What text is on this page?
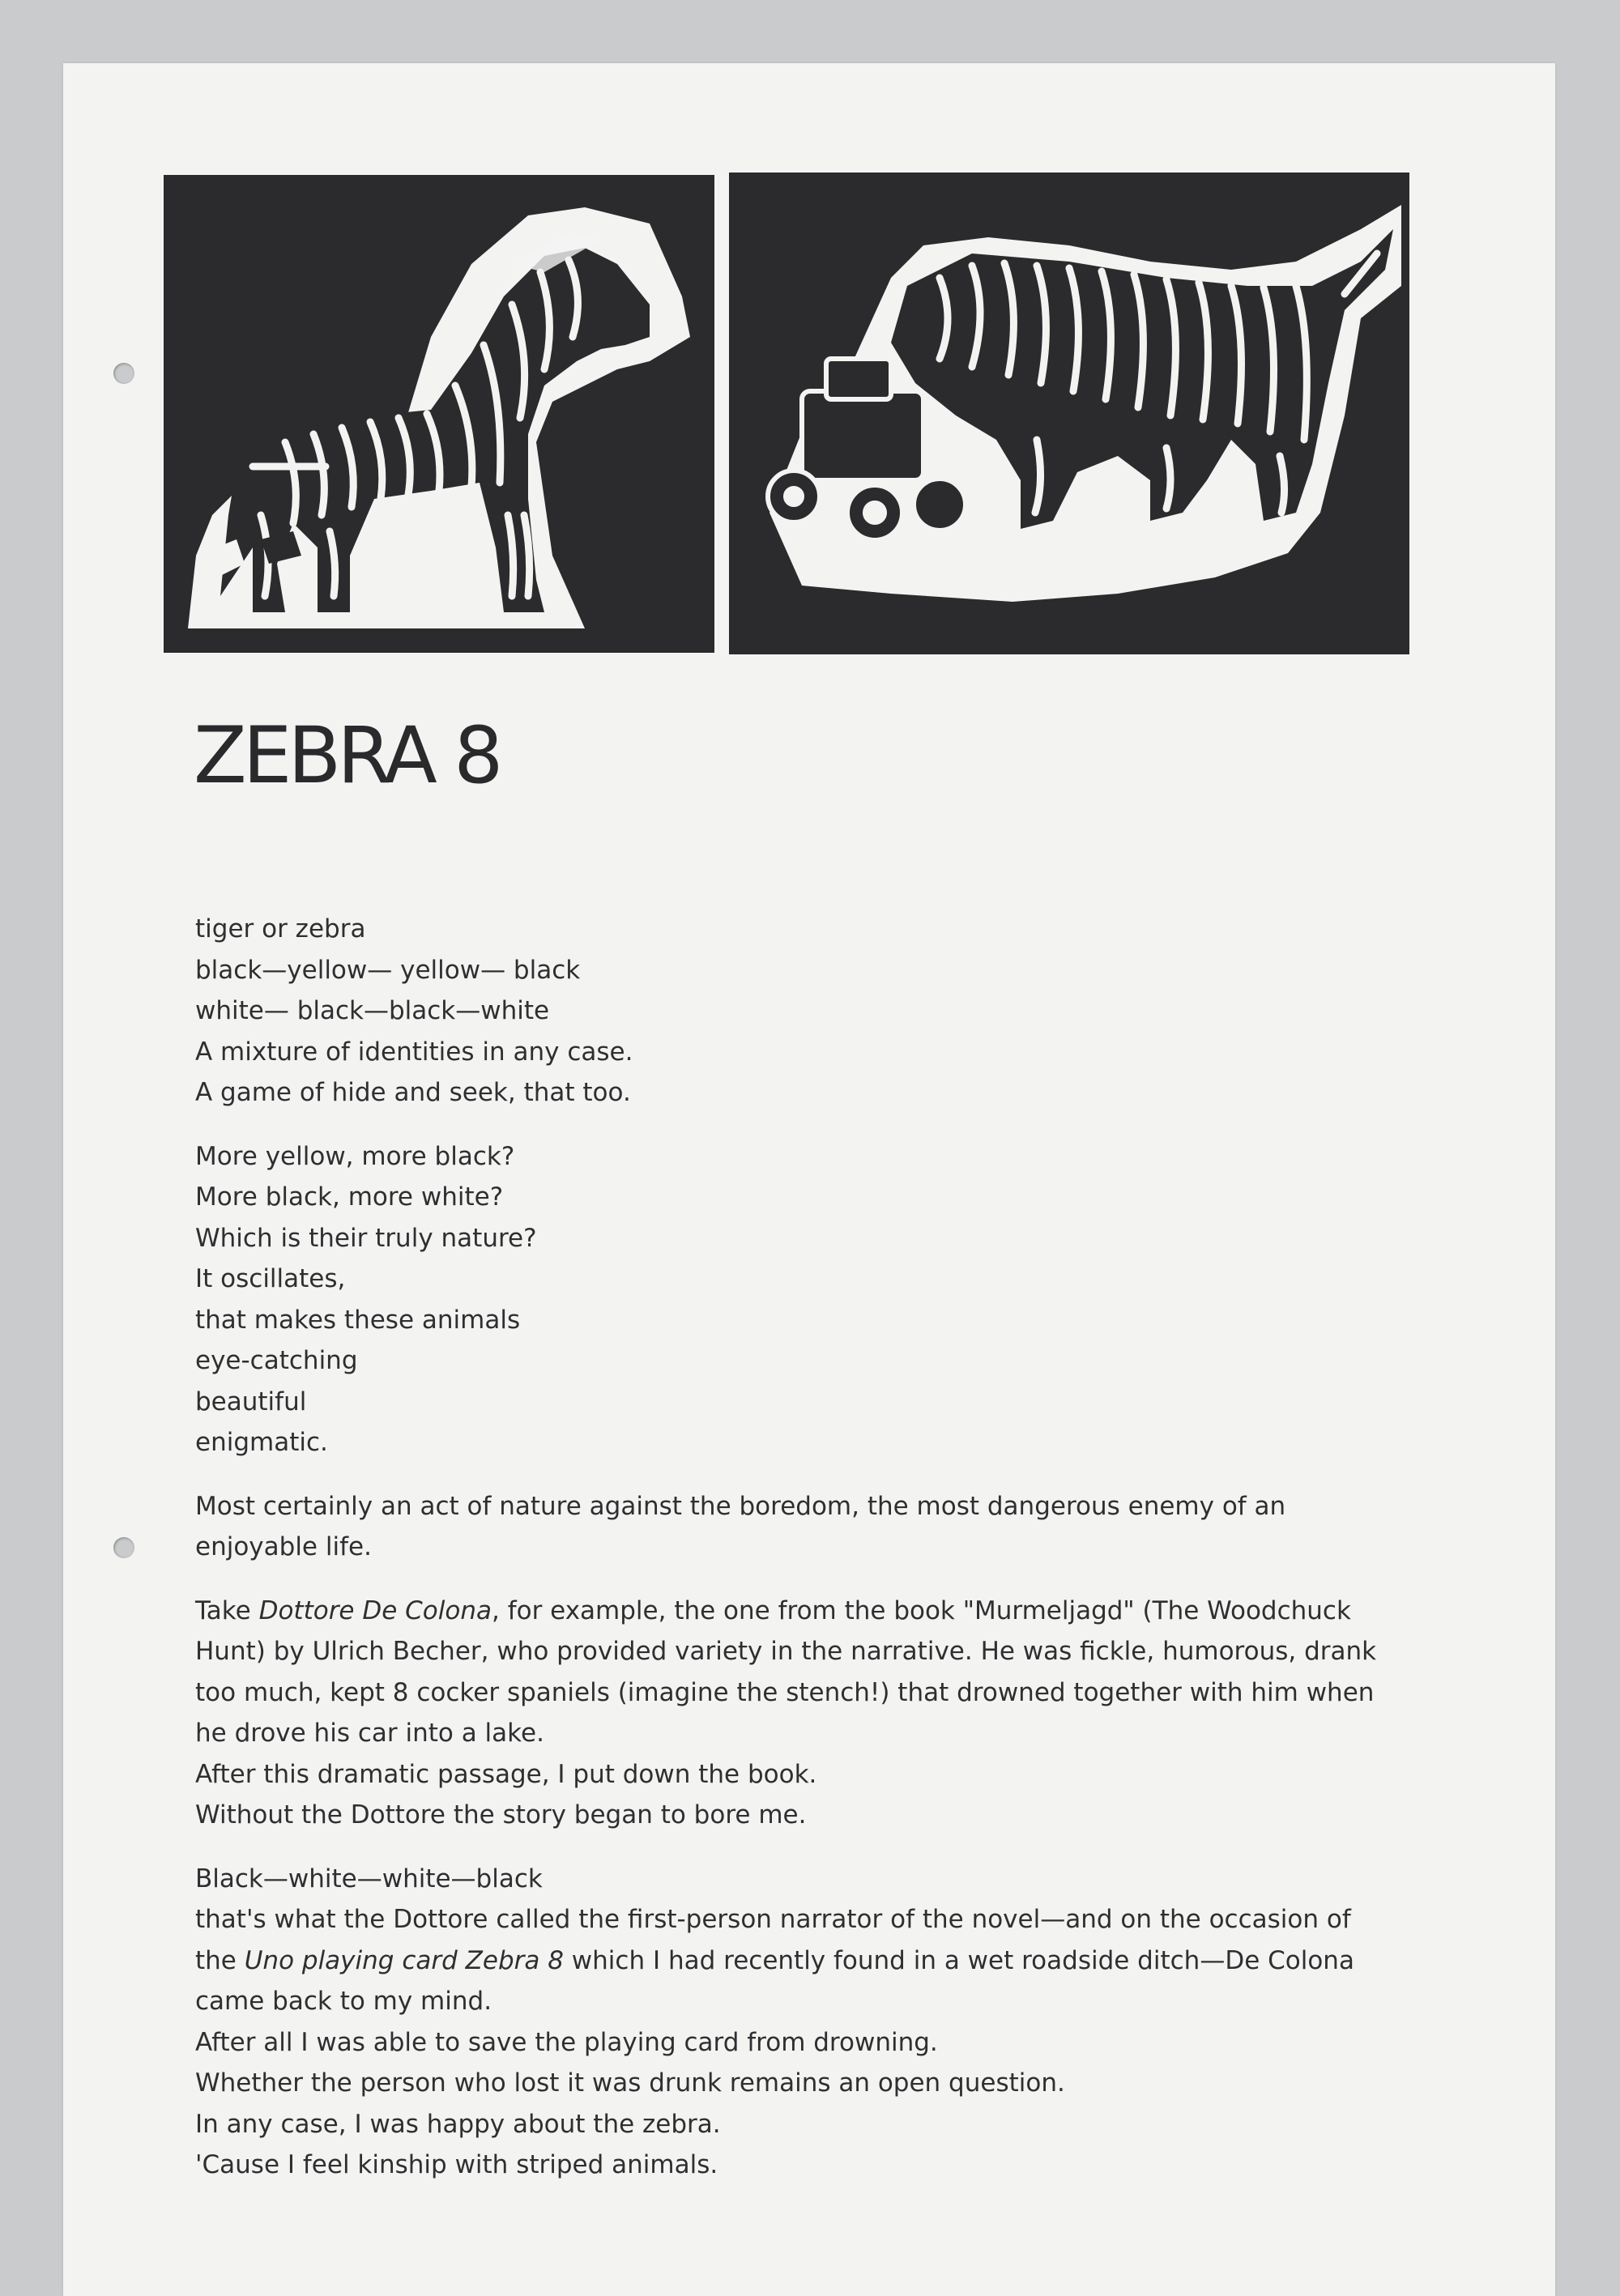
ZEBRA 8
tiger or zebra
black—yellow— yellow— black
white— black—black—white
A mixture of identities in any case.
A game of hide and seek, that too.
More yellow, more black?
More black, more white?
Which is their truly nature?
It oscillates,
that makes these animals
eye-catching
beautiful
enigmatic.
Most certainly an act of nature against the boredom, the most dangerous enemy of an enjoyable life.
Take Dottore De Colona, for example, the one from the book "Murmeljagd" (The Woodchuck Hunt) by Ulrich Becher, who provided variety in the narrative. He was fickle, humorous, drank too much, kept 8 cocker spaniels (imagine the stench!) that drowned together with him when he drove his car into a lake.
After this dramatic passage, I put down the book.
Without the Dottore the story began to bore me.
Black—white—white—black
that's what the Dottore called the first-person narrator of the novel—and on the occasion of the Uno playing card Zebra 8 which I had recently found in a wet roadside ditch—De Colona came back to my mind.
After all I was able to save the playing card from drowning.
Whether the person who lost it was drunk remains an open question.
In any case, I was happy about the zebra.
'Cause I feel kinship with striped animals.
